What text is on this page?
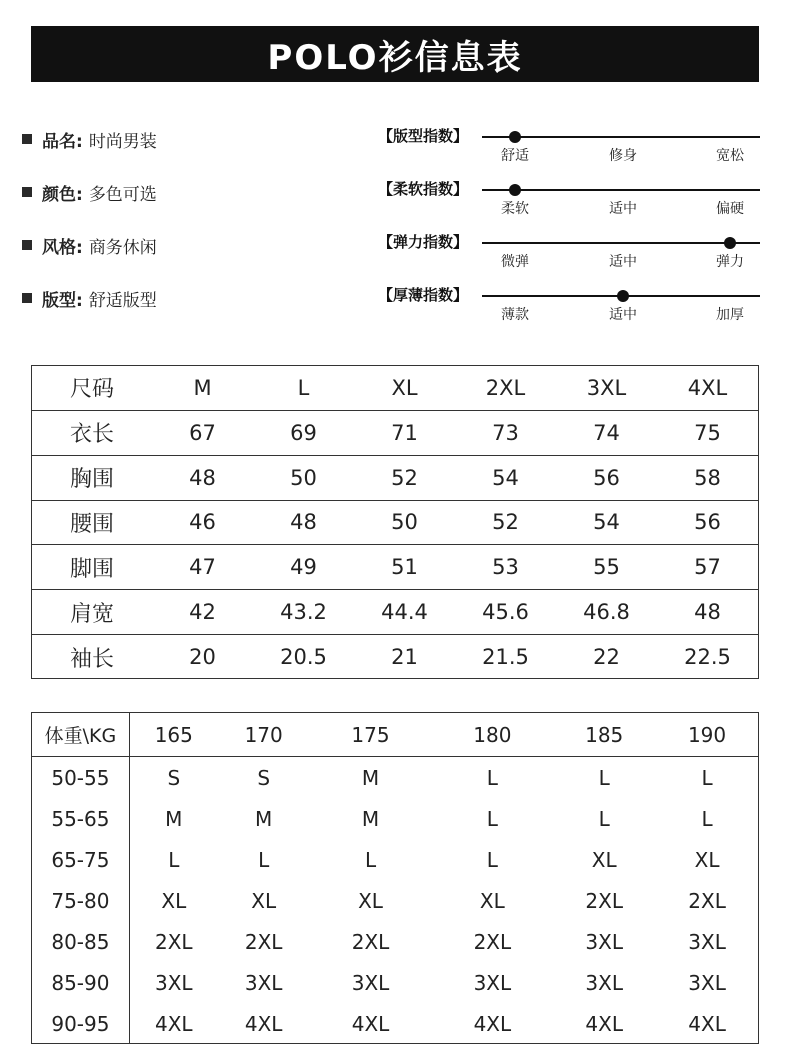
POLO衫信息表
品名: 时尚男装
颜色: 多色可选
风格: 商务休闲
版型: 舒适版型
【版型指数】
舒适	修身	宽松
【柔软指数】
柔软	适中	偏硬
【弹力指数】
微弹	适中	弹力
【厚薄指数】
薄款	适中	加厚
尺码	M	L	XL	2XL	3XL	4XL
衣长	67	69	71	73	74	75
胸围	48	50	52	54	56	58
腰围	46	48	50	52	54	56
脚围	47	49	51	53	55	57
肩宽	42	43.2	44.4	45.6	46.8	48
袖长	20	20.5	21	21.5	22	22.5
体重\KG	165	170	175	180	185	190
50-55	S	S	M	L	L	L
55-65	M	M	M	L	L	L
65-75	L	L	L	L	XL	XL
75-80	XL	XL	XL	XL	2XL	2XL
80-85	2XL	2XL	2XL	2XL	3XL	3XL
85-90	3XL	3XL	3XL	3XL	3XL	3XL
90-95	4XL	4XL	4XL	4XL	4XL	4XL
